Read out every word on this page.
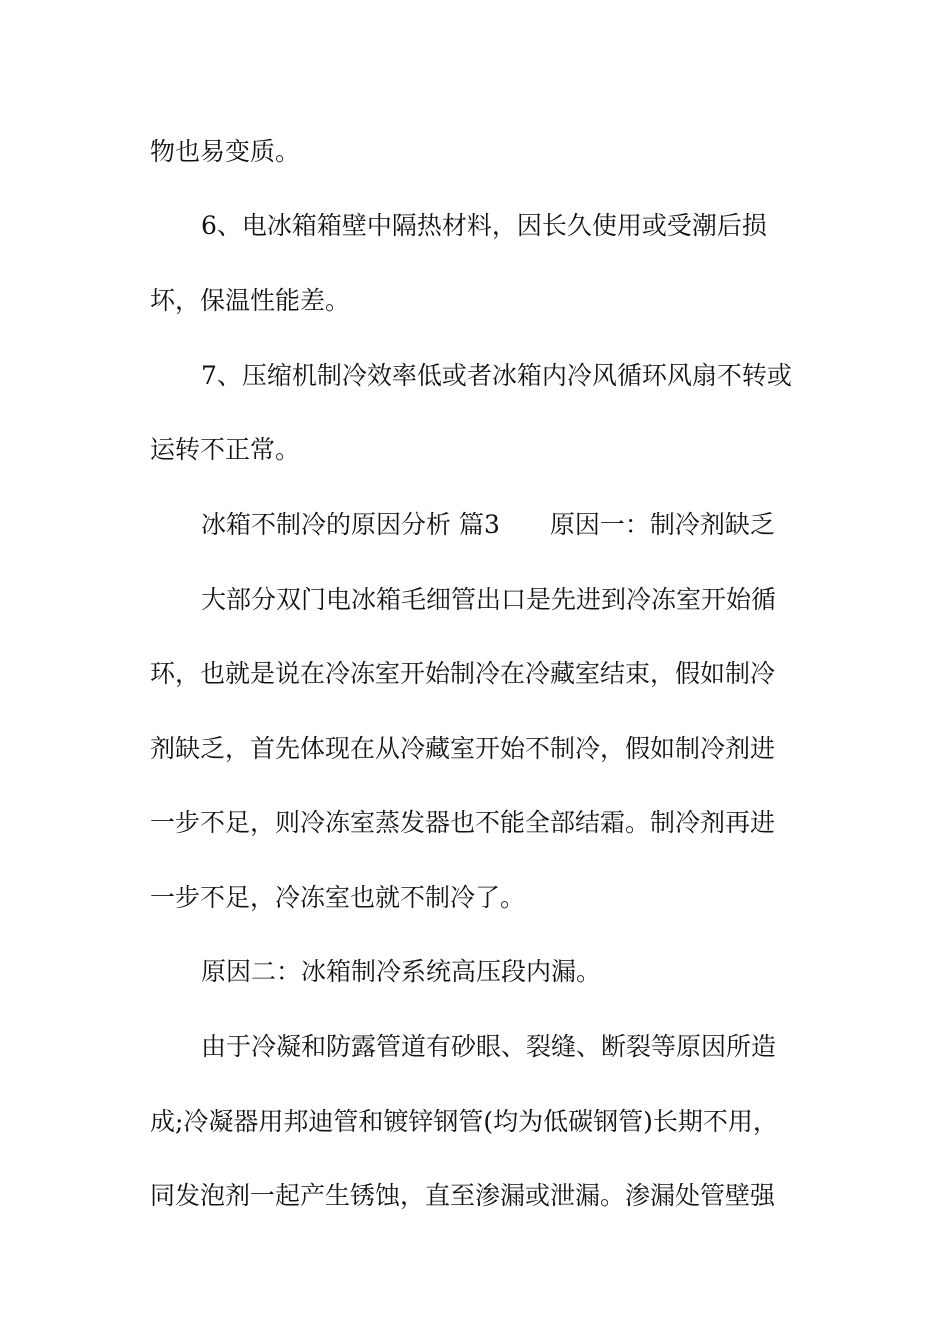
物也易变质。
6、电冰箱箱壁中隔热材料，因长久使用或受潮后损
坏，保温性能差。
7、压缩机制冷效率低或者冰箱内冷风循环风扇不转或
运转不正常。
冰箱不制冷的原因分析 篇3 原因一：制冷剂缺乏
大部分双门电冰箱毛细管出口是先进到冷冻室开始循
环，也就是说在冷冻室开始制冷在冷藏室结束，假如制冷
剂缺乏，首先体现在从冷藏室开始不制冷，假如制冷剂进
一步不足，则冷冻室蒸发器也不能全部结霜。制冷剂再进
一步不足，冷冻室也就不制冷了。
原因二：冰箱制冷系统高压段内漏。
由于冷凝和防露管道有砂眼、裂缝、断裂等原因所造
成;冷凝器用邦迪管和镀锌钢管(均为低碳钢管)长期不用，
同发泡剂一起产生锈蚀，直至渗漏或泄漏。渗漏处管壁强
